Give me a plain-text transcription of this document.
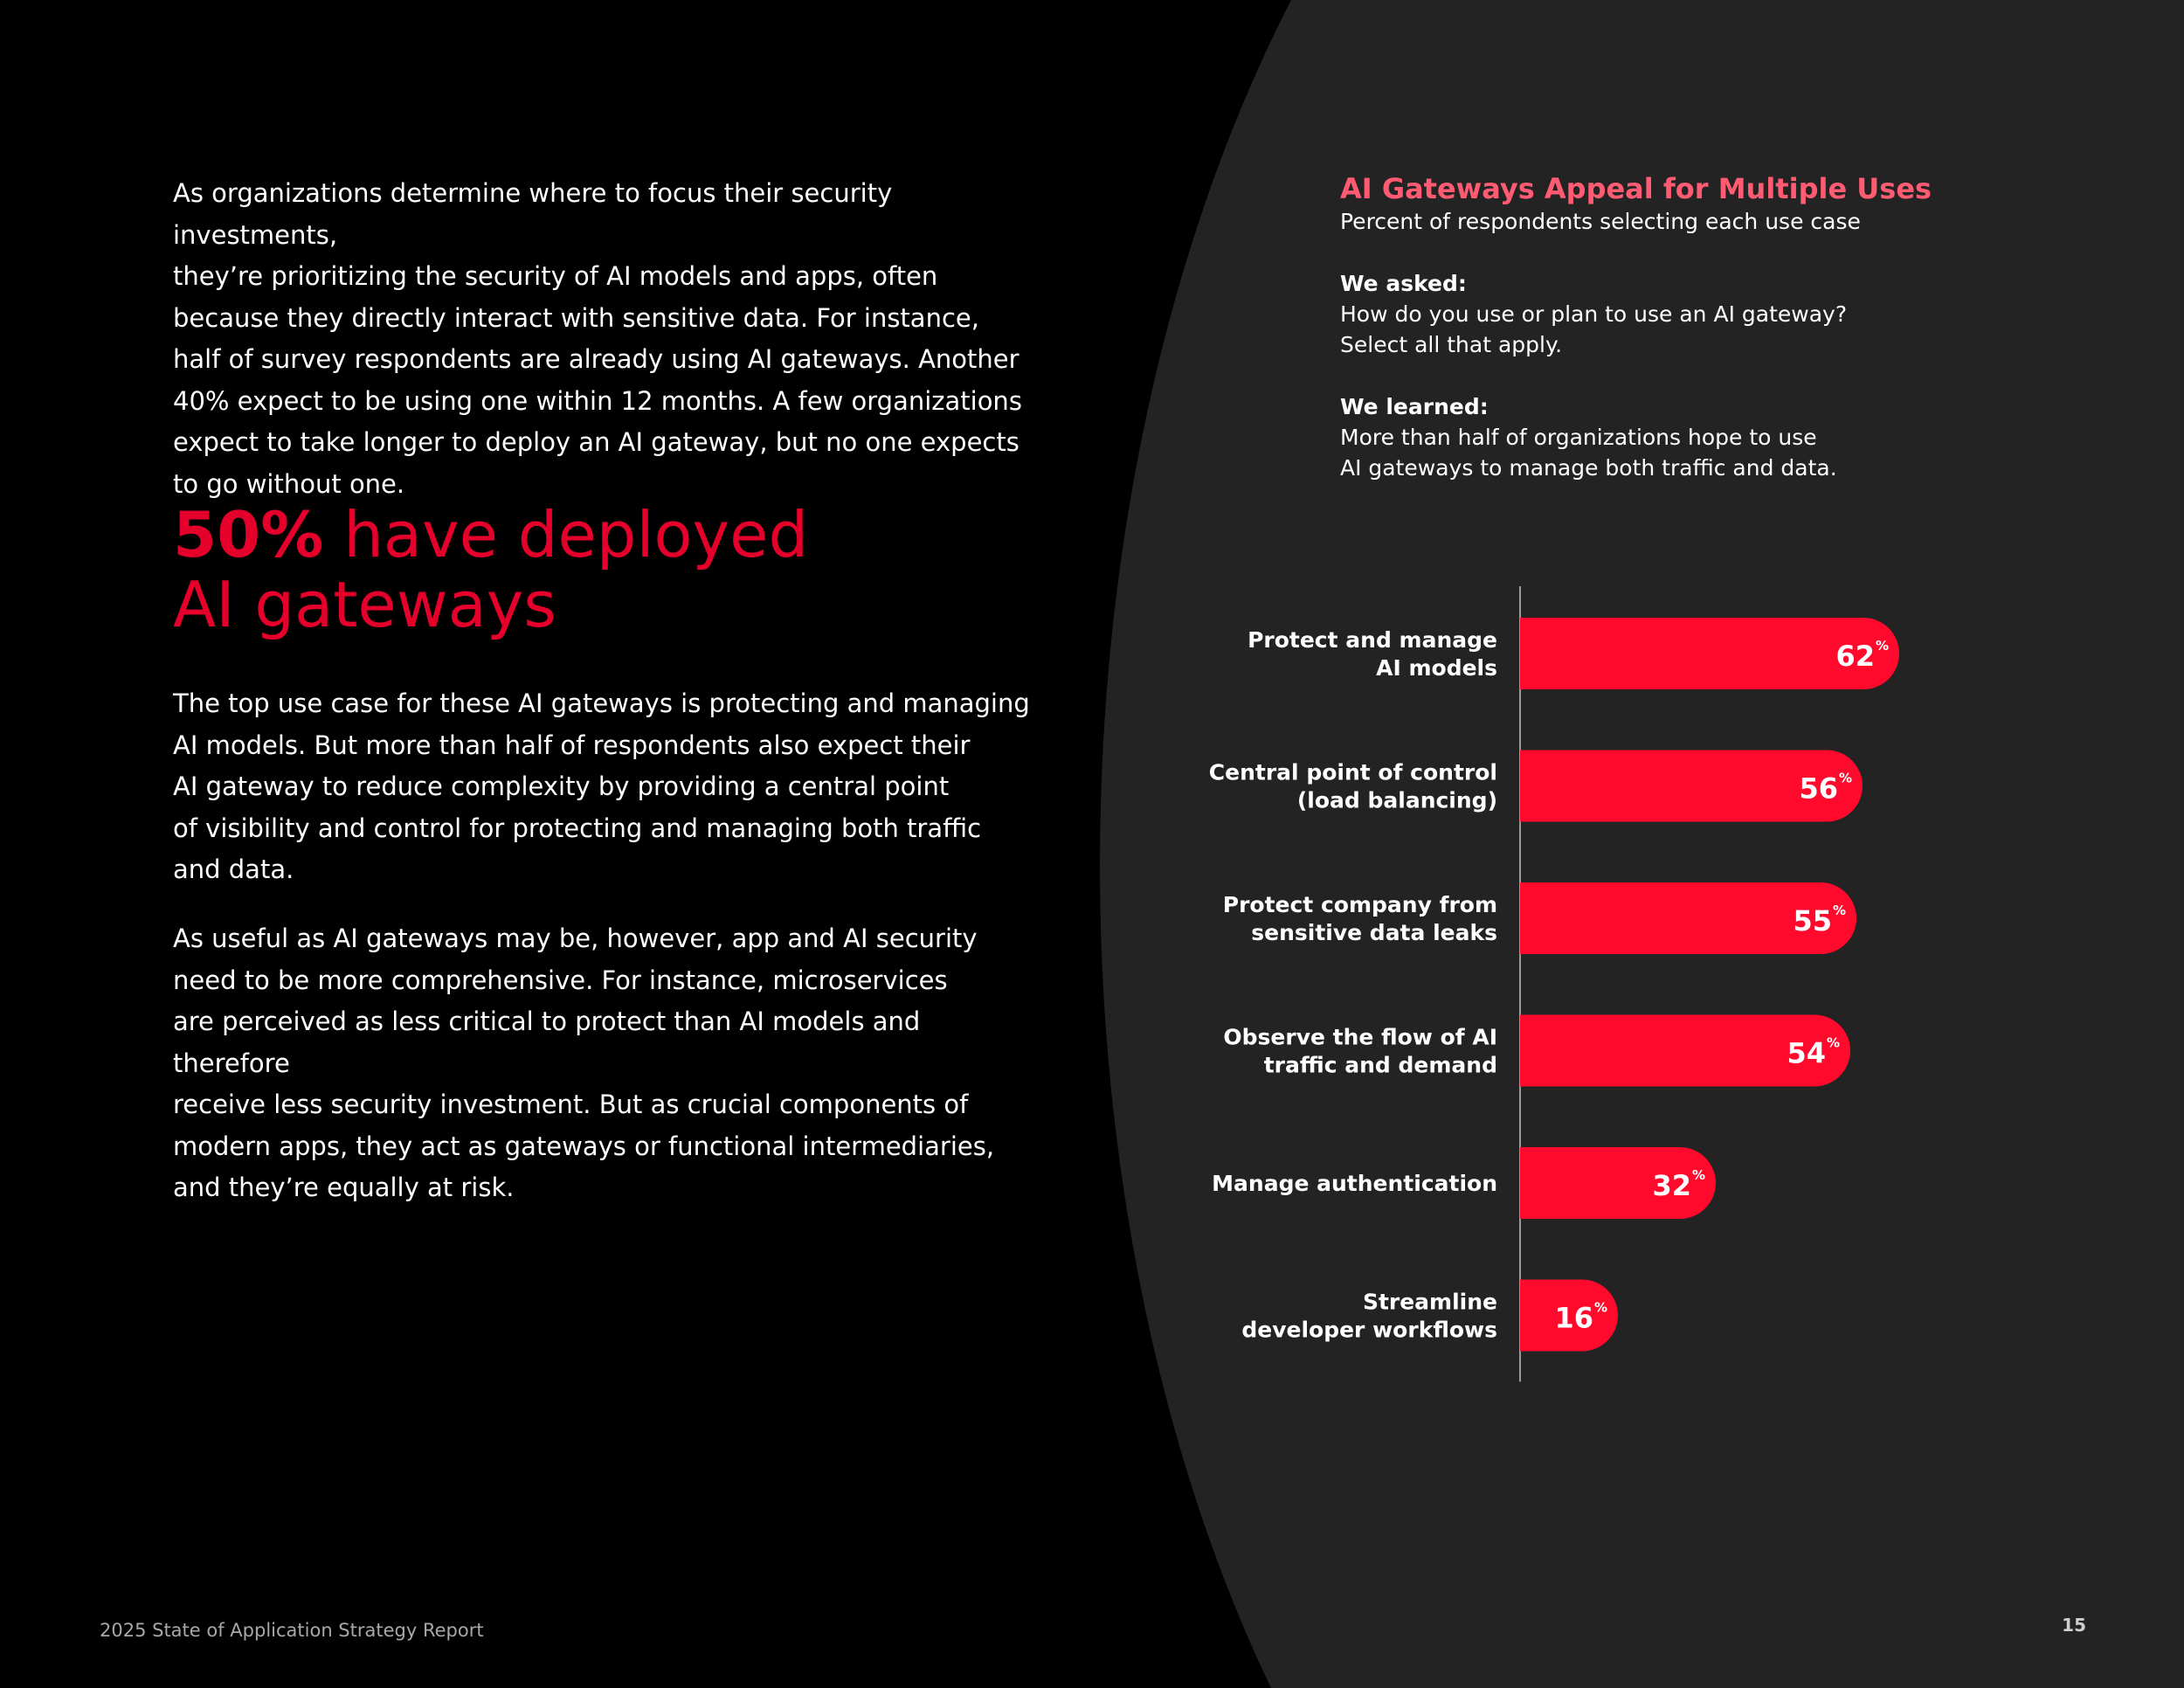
As organizations determine where to focus their security investments,
they’re prioritizing the security of AI models and apps, often
because they directly interact with sensitive data. For instance,
half of survey respondents are already using AI gateways. Another
40% expect to be using one within 12 months. A few organizations
expect to take longer to deploy an AI gateway, but no one expects
to go without one.
50% have deployed
AI gateways
The top use case for these AI gateways is protecting and managing
AI models. But more than half of respondents also expect their
AI gateway to reduce complexity by providing a central point
of visibility and control for protecting and managing both traffic
and data.
As useful as AI gateways may be, however, app and AI security
need to be more comprehensive. For instance, microservices
are perceived as less critical to protect than AI models and therefore
receive less security investment. But as crucial components of
modern apps, they act as gateways or functional intermediaries,
and they’re equally at risk.
AI Gateways Appeal for Multiple Uses
Percent of respondents selecting each use case
We asked:
How do you use or plan to use an AI gateway?
Select all that apply.
We learned:
More than half of organizations hope to use
AI gateways to manage both traffic and data.
62 %
Protect and manage
AI models
56 %
Central point of control
(load balancing)
55 %
Protect company from
sensitive data leaks
54 %
Observe the flow of AI
traffic and demand
32 %
Manage authentication
16 %
Streamline
developer workflows
2025 State of Application Strategy Report	15
